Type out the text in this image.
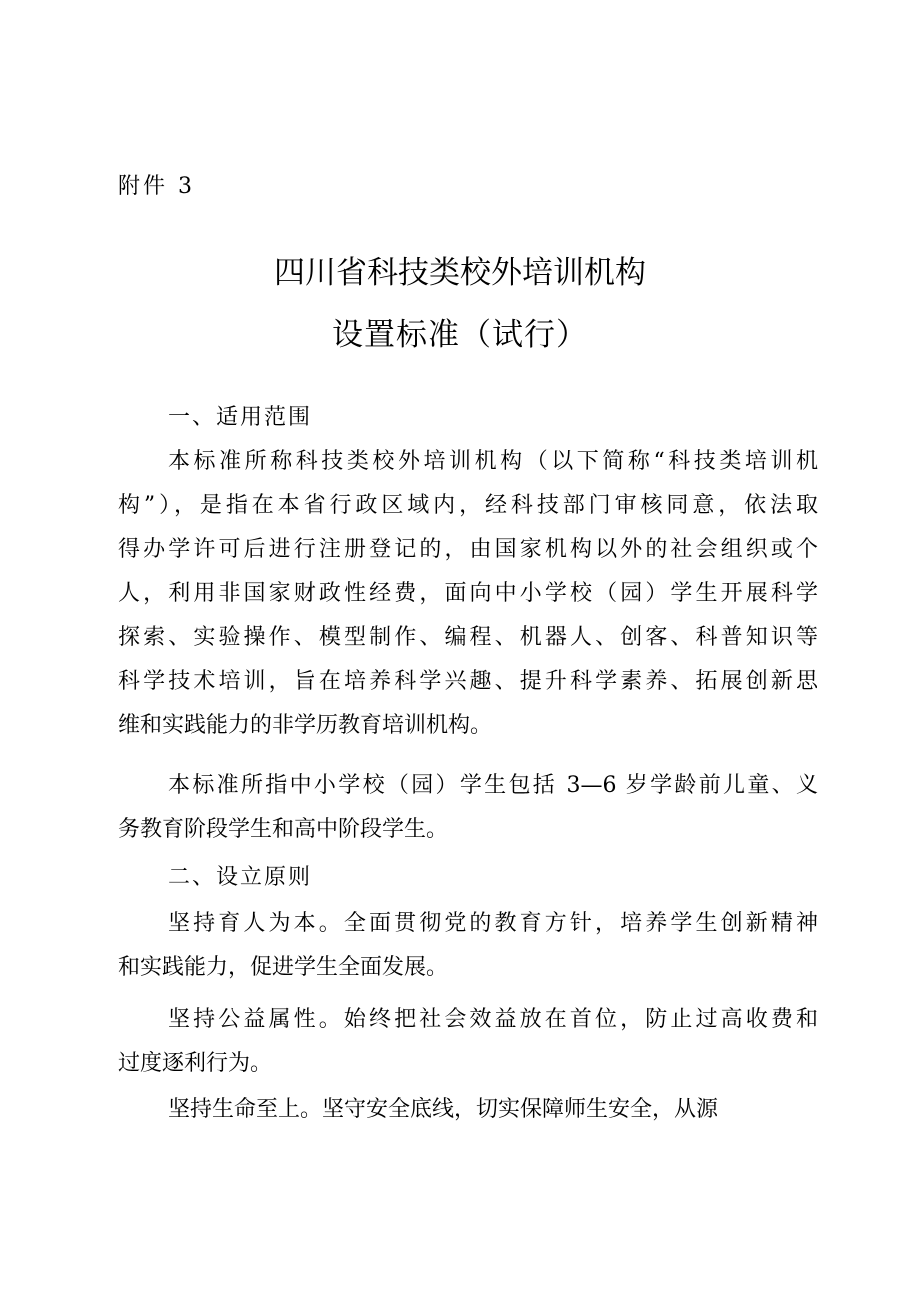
附件 3
四川省科技类校外培训机构
设置标准（试行）
一、适用范围
本标准所称科技类校外培训机构（以下简称“科技类培训机
构”），是指在本省行政区域内，经科技部门审核同意，依法取
得办学许可后进行注册登记的，由国家机构以外的社会组织或个
人，利用非国家财政性经费，面向中小学校（园）学生开展科学
探索、实验操作、模型制作、编程、机器人、创客、科普知识等
科学技术培训，旨在培养科学兴趣、提升科学素养、拓展创新思
维和实践能力的非学历教育培训机构。
本标准所指中小学校（园）学生包括 3—6 岁学龄前儿童、义
务教育阶段学生和高中阶段学生。
二、设立原则
坚持育人为本。全面贯彻党的教育方针，培养学生创新精神
和实践能力，促进学生全面发展。
坚持公益属性。始终把社会效益放在首位，防止过高收费和
过度逐利行为。
坚持生命至上。坚守安全底线，切实保障师生安全，从源
